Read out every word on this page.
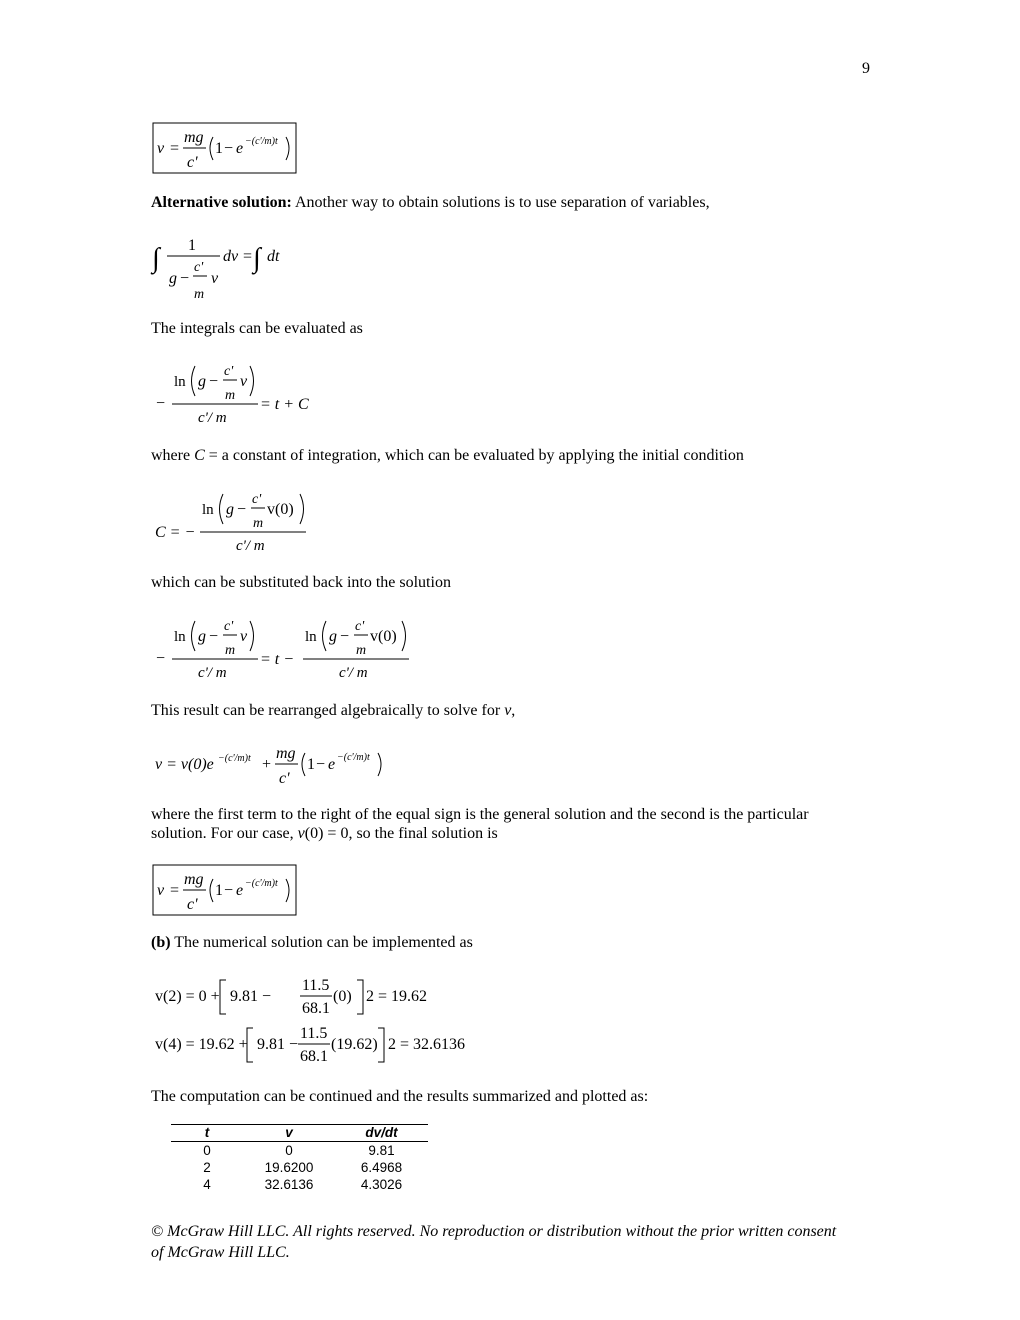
9
v =
mg
c'
1 − e −(c'/m)t
Alternative solution: Another way to obtain solutions is to use separation of variables,
∫ 1
g −
c'
m
v
dv = ∫ dt
The integrals can be evaluated as
−
ln g −
c'
m
v
c'/ m
= t + C
where C = a constant of integration, which can be evaluated by applying the initial condition
C = −
ln g −
c'
m
v(0)
c'/ m
which can be substituted back into the solution
−
ln g −
c'
m
v
c'/ m
= t −
ln g −
c'
m
v(0)
c'/ m
This result can be rearranged algebraically to solve for v,
v = v(0)e −(c'/m)t +
mg
c'
1 − e −(c'/m)t
where the first term to the right of the equal sign is the general solution and the second is the particular
solution. For our case, v(0) = 0, so the final solution is
v =
mg
c'
1 − e −(c'/m)t
(b) The numerical solution can be implemented as
v(2) = 0 + 9.81 −
11.5
68.1
(0) 2 = 19.62
v(4) = 19.62 + 9.81 −
11.5
68.1
(19.62) 2 = 32.6136
The computation can be continued and the results summarized and plotted as:
t	v	dv/dt
0	0	9.81
2	19.6200	6.4968
4	32.6136	4.3026
© McGraw Hill LLC. All rights reserved. No reproduction or distribution without the prior written consent
of McGraw Hill LLC.
